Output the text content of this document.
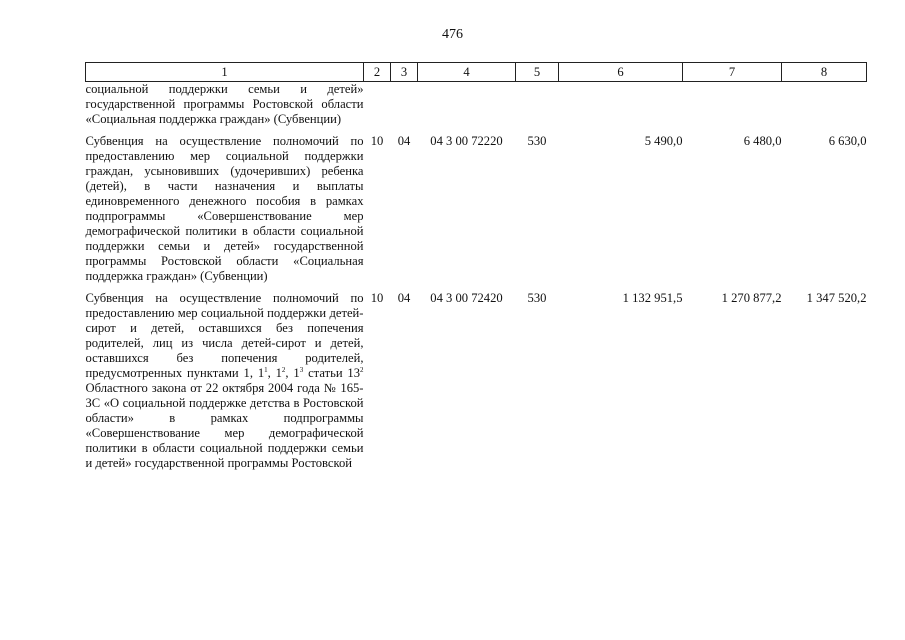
476
1	2	3	4	5	6	7	8
социальной поддержки семьи и детей» государственной программы Ростовской области «Социальная поддержка граждан» (Субвенции)							
Субвенция на осуществление полномочий по предоставлению мер социальной поддержки граждан, усыновивших (удочеривших) ребенка (детей), в части назначения и выплаты единовременного денежного пособия в рамках подпрограммы «Совершенствование мер демографической политики в области социальной поддержки семьи и детей» государственной программы Ростовской области «Социальная поддержка граждан» (Субвенции)	10	04	04 3 00 72220	530	5 490,0	6 480,0	6 630,0
Субвенция на осуществление полномочий по предоставлению мер социальной поддержки детей-сирот и детей, оставшихся без попечения родителей, лиц из числа детей-сирот и детей, оставшихся без попечения родителей, предусмотренных пунктами 1, $1^1$, $1^2$, $1^3$ статьи $13^2$ Областного закона от 22 октября 2004 года № 165-ЗС «О социальной поддержке детства в Ростовской области» в рамках подпрограммы «Совершенствование мер демографической политики в области социальной поддержки семьи и детей» государственной программы Ростовской	10	04	04 3 00 72420	530	1 132 951,5	1 270 877,2	1 347 520,2
